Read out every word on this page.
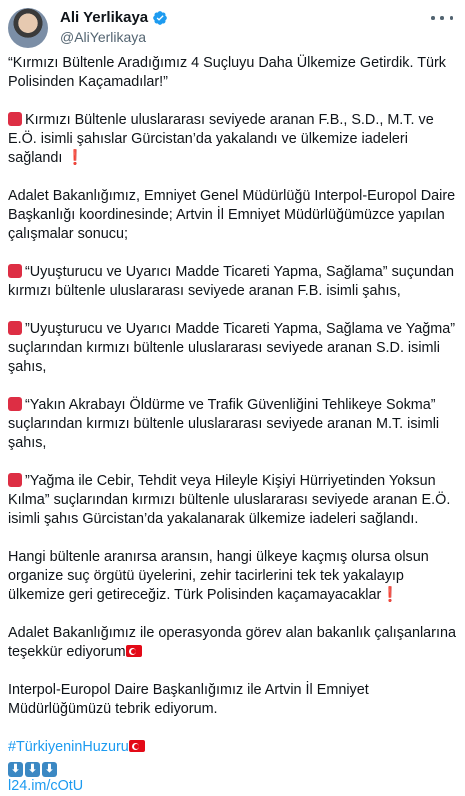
Ali Yerlikaya
@AliYerlikaya
“Kırmızı Bültenle Aradığımız 4 Suçluyu Daha Ülkemize Getirdik. Türk Polisinden Kaçamadılar!”
Kırmızı Bültenle uluslararası seviyede aranan F.B., S.D., M.T. ve E.Ö. isimli şahıslar Gürcistan’da yakalandı ve ülkemize iadeleri sağlandı ❗
Adalet Bakanlığımız, Emniyet Genel Müdürlüğü Interpol-Europol Daire Başkanlığı koordinesinde; Artvin İl Emniyet Müdürlüğümüzce yapılan çalışmalar sonucu;
“Uyuşturucu ve Uyarıcı Madde Ticareti Yapma, Sağlama” suçundan kırmızı bültenle uluslararası seviyede aranan F.B. isimli şahıs,
”Uyuşturucu ve Uyarıcı Madde Ticareti Yapma, Sağlama ve Yağma” suçlarından kırmızı bültenle uluslararası seviyede aranan S.D. isimli şahıs,
“Yakın Akrabayı Öldürme ve Trafik Güvenliğini Tehlikeye Sokma” suçlarından kırmızı bültenle uluslararası seviyede aranan M.T. isimli şahıs,
”Yağma ile Cebir, Tehdit veya Hileyle Kişiyi Hürriyetinden Yoksun Kılma” suçlarından kırmızı bültenle uluslararası seviyede aranan E.Ö. isimli şahıs Gürcistan’da yakalanarak ülkemize iadeleri sağlandı.
Hangi bültenle aranırsa aransın, hangi ülkeye kaçmış olursa olsun organize suç örgütü üyelerini, zehir tacirlerini tek tek yakalayıp ülkemize geri getireceğiz. Türk Polisinden kaçamayacaklar❗
Adalet Bakanlığımız ile operasyonda görev alan bakanlık çalışanlarına teşekkür ediyorum
Interpol-Europol Daire Başkanlığımız ile Artvin İl Emniyet Müdürlüğümüzü tebrik ediyorum.
#TürkiyeninHuzuru
⬇ ⬇ ⬇
l24.im/cOtU
